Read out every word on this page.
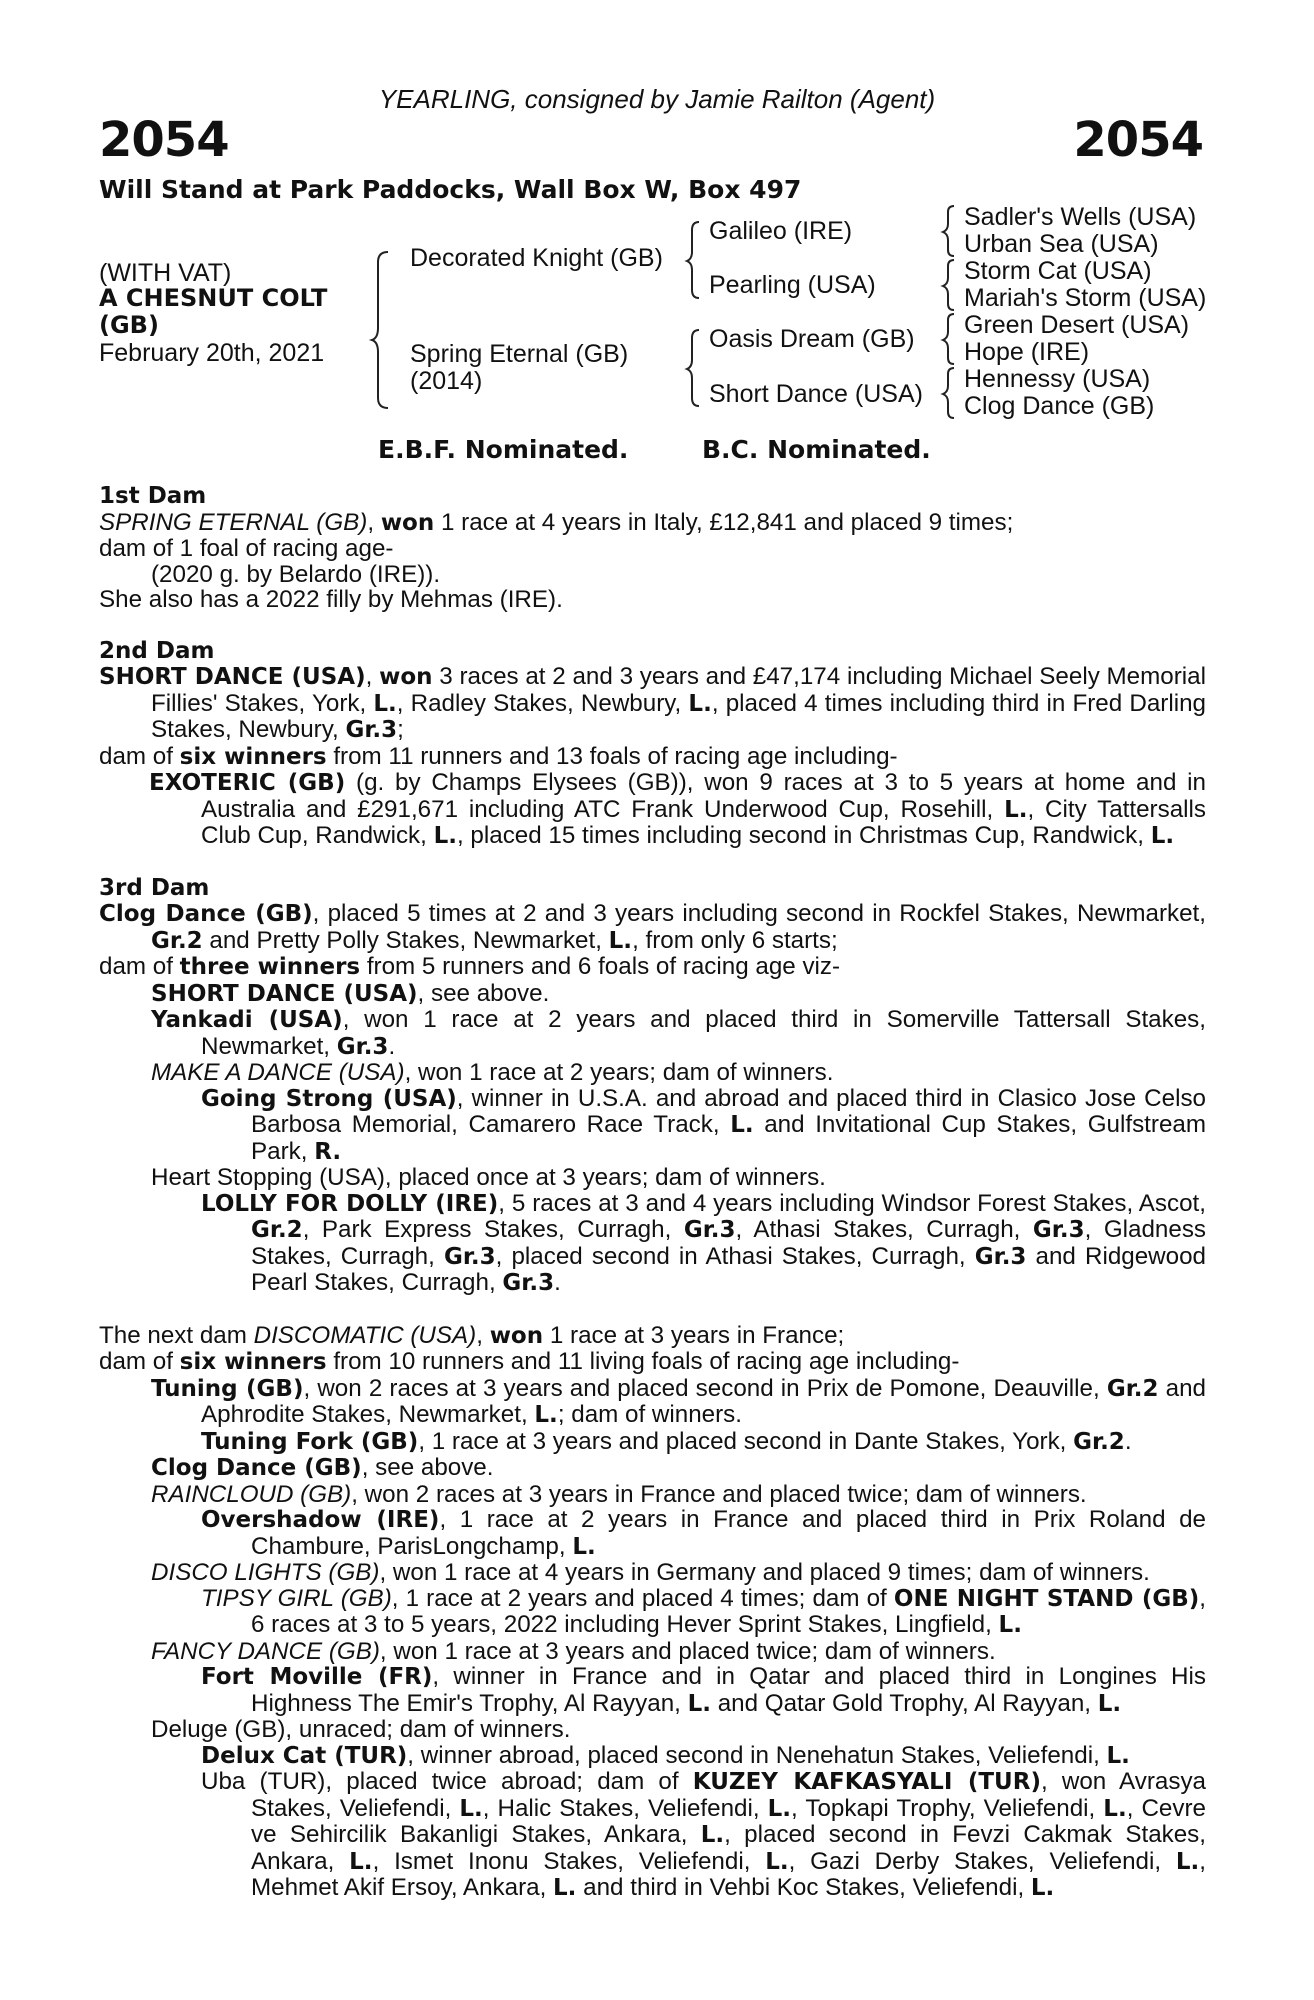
YEARLING, consigned by Jamie Railton (Agent)
2054	2054
Will Stand at Park Paddocks, Wall Box W, Box 497
(WITH VAT)
A CHESNUT COLT
(GB)
February 20th, 2021
Decorated Knight (GB)
Spring Eternal (GB)
(2014)
Galileo (IRE)
Pearling (USA)
Oasis Dream (GB)
Short Dance (USA)
Sadler's Wells (USA)
Urban Sea (USA)
Storm Cat (USA)
Mariah's Storm (USA)
Green Desert (USA)
Hope (IRE)
Hennessy (USA)
Clog Dance (GB)
E.B.F. Nominated.	B.C. Nominated.

1st Dam

SPRING ETERNAL (GB), won 1 race at 4 years in Italy, £12,841 and placed 9 times;

dam of 1 foal of racing age-

(2020 g. by Belardo (IRE)).

She also has a 2022 filly by Mehmas (IRE).

2nd Dam

SHORT DANCE (USA), won 3 races at 2 and 3 years and £47,174 including Michael Seely Memorial Fillies' Stakes, York, L., Radley Stakes, Newbury, L., placed 4 times including third in Fred Darling Stakes, Newbury, Gr.3;

dam of six winners from 11 runners and 13 foals of racing age including-

EXOTERIC (GB) (g. by Champs Elysees (GB)), won 9 races at 3 to 5 years at home and in Australia and £291,671 including ATC Frank Underwood Cup, Rosehill, L., City Tattersalls Club Cup, Randwick, L., placed 15 times including second in Christmas Cup, Randwick, L.

3rd Dam

Clog Dance (GB), placed 5 times at 2 and 3 years including second in Rockfel Stakes, Newmarket, Gr.2 and Pretty Polly Stakes, Newmarket, L., from only 6 starts;

dam of three winners from 5 runners and 6 foals of racing age viz-

SHORT DANCE (USA), see above.

Yankadi (USA), won 1 race at 2 years and placed third in Somerville Tattersall Stakes, Newmarket, Gr.3.

MAKE A DANCE (USA), won 1 race at 2 years; dam of winners.

Going Strong (USA), winner in U.S.A. and abroad and placed third in Clasico Jose Celso Barbosa Memorial, Camarero Race Track, L. and Invitational Cup Stakes, Gulfstream Park, R.

Heart Stopping (USA), placed once at 3 years; dam of winners.

LOLLY FOR DOLLY (IRE), 5 races at 3 and 4 years including Windsor Forest Stakes, Ascot, Gr.2, Park Express Stakes, Curragh, Gr.3, Athasi Stakes, Curragh, Gr.3, Gladness Stakes, Curragh, Gr.3, placed second in Athasi Stakes, Curragh, Gr.3 and Ridgewood Pearl Stakes, Curragh, Gr.3.

The next dam DISCOMATIC (USA), won 1 race at 3 years in France;

dam of six winners from 10 runners and 11 living foals of racing age including-

Tuning (GB), won 2 races at 3 years and placed second in Prix de Pomone, Deauville, Gr.2 and Aphrodite Stakes, Newmarket, L.; dam of winners.

Tuning Fork (GB), 1 race at 3 years and placed second in Dante Stakes, York, Gr.2.

Clog Dance (GB), see above.

RAINCLOUD (GB), won 2 races at 3 years in France and placed twice; dam of winners.

Overshadow (IRE), 1 race at 2 years in France and placed third in Prix Roland de Chambure, ParisLongchamp, L.

DISCO LIGHTS (GB), won 1 race at 4 years in Germany and placed 9 times; dam of winners.

TIPSY GIRL (GB), 1 race at 2 years and placed 4 times; dam of ONE NIGHT STAND (GB), 6 races at 3 to 5 years, 2022 including Hever Sprint Stakes, Lingfield, L.

FANCY DANCE (GB), won 1 race at 3 years and placed twice; dam of winners.

Fort Moville (FR), winner in France and in Qatar and placed third in Longines His Highness The Emir's Trophy, Al Rayyan, L. and Qatar Gold Trophy, Al Rayyan, L.

Deluge (GB), unraced; dam of winners.

Delux Cat (TUR), winner abroad, placed second in Nenehatun Stakes, Veliefendi, L.

Uba (TUR), placed twice abroad; dam of KUZEY KAFKASYALI (TUR), won Avrasya Stakes, Veliefendi, L., Halic Stakes, Veliefendi, L., Topkapi Trophy, Veliefendi, L., Cevre ve Sehircilik Bakanligi Stakes, Ankara, L., placed second in Fevzi Cakmak Stakes, Ankara, L., Ismet Inonu Stakes, Veliefendi, L., Gazi Derby Stakes, Veliefendi, L., Mehmet Akif Ersoy, Ankara, L. and third in Vehbi Koc Stakes, Veliefendi, L.
